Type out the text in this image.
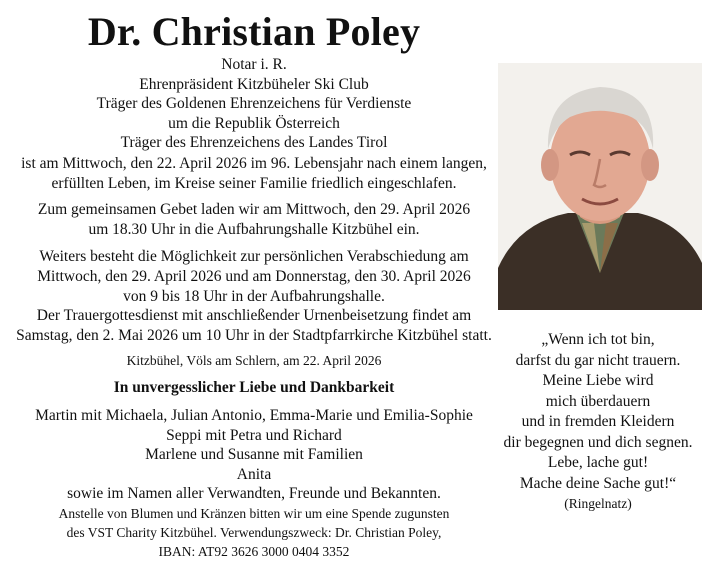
Dr. Christian Poley
Notar i. R.
Ehrenpräsident Kitzbüheler Ski Club
Träger des Goldenen Ehrenzeichens für Verdienste
um die Republik Österreich
Träger des Ehrenzeichens des Landes Tirol
ist am Mittwoch, den 22. April 2026 im 96. Lebensjahr nach einem langen,
erfüllten Leben, im Kreise seiner Familie friedlich eingeschlafen.
Zum gemeinsamen Gebet laden wir am Mittwoch, den 29. April 2026
um 18.30 Uhr in die Aufbahrungshalle Kitzbühel ein.
Weiters besteht die Möglichkeit zur persönlichen Verabschiedung am
Mittwoch, den 29. April 2026 und am Donnerstag, den 30. April 2026
von 9 bis 18 Uhr in der Aufbahrungshalle.
Der Trauergottesdienst mit anschließender Urnenbeisetzung findet am
Samstag, den 2. Mai 2026 um 10 Uhr in der Stadtpfarrkirche Kitzbühel statt.
Kitzbühel, Völs am Schlern, am 22. April 2026
In unvergesslicher Liebe und Dankbarkeit
Martin mit Michaela, Julian Antonio, Emma-Marie und Emilia-Sophie
Seppi mit Petra und Richard
Marlene und Susanne mit Familien
Anita
sowie im Namen aller Verwandten, Freunde und Bekannten.
Anstelle von Blumen und Kränzen bitten wir um eine Spende zugunsten
des VST Charity Kitzbühel. Verwendungszweck: Dr. Christian Poley,
IBAN: AT92 3626 3000 0404 3352
„Wenn ich tot bin,
darfst du gar nicht trauern.
Meine Liebe wird
mich überdauern
und in fremden Kleidern
dir begegnen und dich segnen.
Lebe, lache gut!
Mache deine Sache gut!“
(Ringelnatz)
